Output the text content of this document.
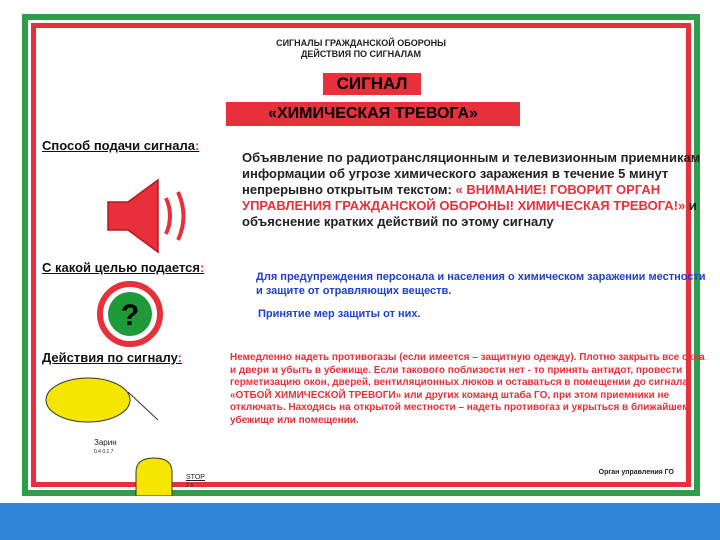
СИГНАЛЫ ГРАЖДАНСКОЙ ОБОРОНЫ
ДЕЙСТВИЯ ПО СИГНАЛАМ
СИГНАЛ
«ХИМИЧЕСКАЯ ТРЕВОГА»
Способ подачи сигнала:
Объявление по радиотрансляционным и телевизионным приемникам информации об угрозе химического заражения в течение 5 минут непрерывно открытым текстом: « ВНИМАНИЕ! ГОВОРИТ ОРГАН УПРАВЛЕНИЯ ГРАЖДАНСКОЙ ОБОРОНЫ! ХИМИЧЕСКАЯ ТРЕВОГА!» и объяснение кратких действий по этому сигналу
С какой целью подается:
Для предупреждения персонала и населения о химическом заражении местности и защите от отравляющих веществ.
Принятие мер защиты от них.
?
Действия по сигналу:	Немедленно надеть противогазы (если имеется – защитную одежду). Плотно закрыть все окна и двери и убыть в убежище. Если такового поблизости нет - то принять антидот, провести герметизацию окон, дверей, вентиляционных люков и оставаться в помещении до сигнала «ОТБОЙ ХИМИЧЕСКОЙ ТРЕВОГИ» или других команд штаба ГО, при этом приемники не отключать. Находясь на открытой местности – надеть противогаз и укрыться в ближайшем убежище или помещении.
Зарин
0.4 0.1 7
STOP
2 3
Орган управления ГО
